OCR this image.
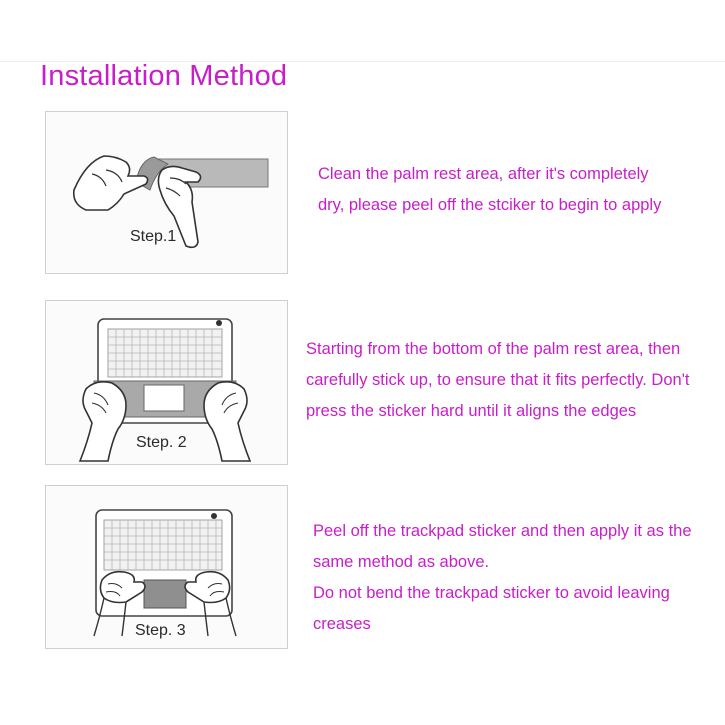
Installation Method
Step.1
Clean the palm rest area, after it's completely
dry, please peel off the stciker to begin to apply
Step. 2
Starting from the bottom of the palm rest area, then
carefully stick up, to ensure that it fits perfectly. Don't
press the sticker hard until it aligns the edges
Step. 3
Peel off the trackpad sticker and then apply it as the
same method as above.
Do not bend the trackpad sticker to avoid leaving
creases
